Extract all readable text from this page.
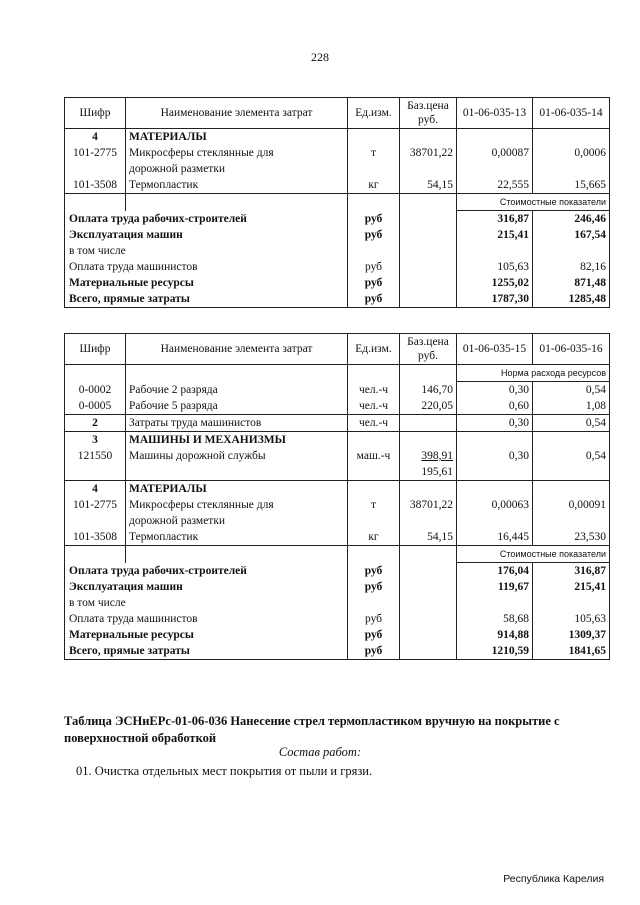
228
Шифр	Наименование элемента затрат	Ед.изм.	Баз.цена руб.	01-06-035-13	01-06-035-14
4	МАТЕРИАЛЫ				
101-2775	Микросферы стеклянные для	т	38701,22	0,00087	0,0006
	дорожной разметки				
101-3508	Термопластик	кг	54,15	22,555	15,665
				Стоимостные показатели	
Оплата труда рабочих-строителей		руб		316,87	246,46
Эксплуатация машин		руб		215,41	167,54
в том числе					
Оплата труда машинистов		руб		105,63	82,16
Материальные ресурсы		руб		1255,02	871,48
Всего, прямые затраты		руб		1787,30	1285,48
Шифр	Наименование элемента затрат	Ед.изм.	Баз.цена руб.	01-06-035-15	01-06-035-16
				Норма расхода ресурсов	
0-0002	Рабочие 2 разряда	чел.-ч	146,70	0,30	0,54
0-0005	Рабочие 5 разряда	чел.-ч	220,05	0,60	1,08
2	Затраты труда машинистов	чел.-ч		0,30	0,54
3	МАШИНЫ И МЕХАНИЗМЫ				
121550	Машины дорожной службы	маш.-ч	398,91	0,30	0,54
			195,61		
4	МАТЕРИАЛЫ				
101-2775	Микросферы стеклянные для	т	38701,22	0,00063	0,00091
	дорожной разметки				
101-3508	Термопластик	кг	54,15	16,445	23,530
				Стоимостные показатели	
Оплата труда рабочих-строителей		руб		176,04	316,87
Эксплуатация машин		руб		119,67	215,41
в том числе					
Оплата труда машинистов		руб		58,68	105,63
Материальные ресурсы		руб		914,88	1309,37
Всего, прямые затраты		руб		1210,59	1841,65
Таблица ЭСНиЕРс-01-06-036 Нанесение стрел термопластиком вручную на покрытие с поверхностной обработкой
Состав работ:
01. Очистка отдельных мест покрытия от пыли и грязи.
Республика Карелия
